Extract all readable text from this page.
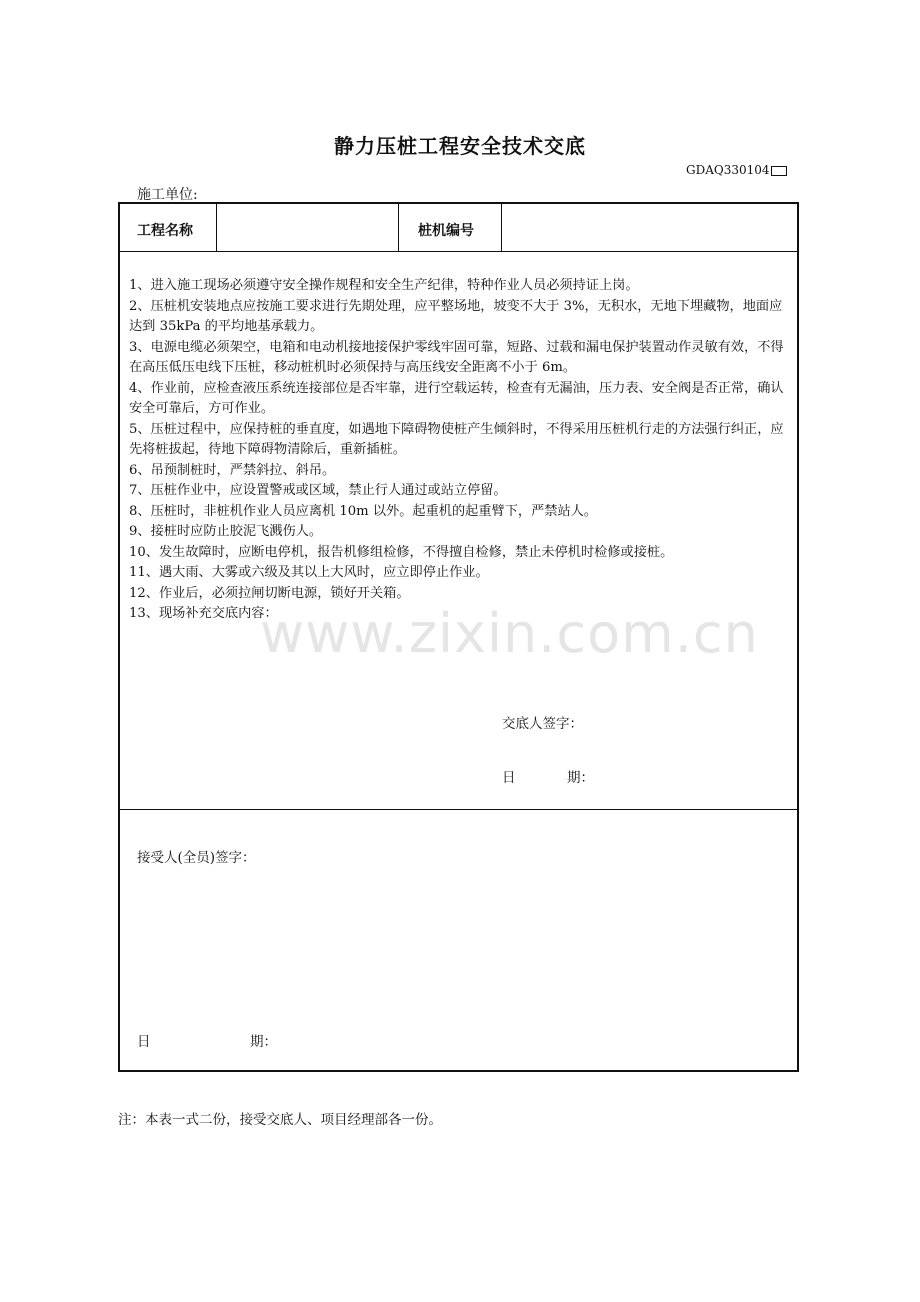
静力压桩工程安全技术交底
GDAQ330104
施工单位:
工程名称	桩机编号

1、进入施工现场必须遵守安全操作规程和安全生产纪律，特种作业人员必须持证上岗。

2、压桩机安装地点应按施工要求进行先期处理，应平整场地，坡变不大于 3%，无积水，无地下埋藏物，地面应达到 35kPa 的平均地基承载力。

3、电源电缆必须架空，电箱和电动机接地接保护零线牢固可靠，短路、过载和漏电保护装置动作灵敏有效，不得在高压低压电线下压桩，移动桩机时必须保持与高压线安全距离不小于 6m。

4、作业前，应检查液压系统连接部位是否牢靠，进行空载运转，检查有无漏油，压力表、安全阀是否正常，确认安全可靠后，方可作业。

5、压桩过程中，应保持桩的垂直度，如遇地下障碍物使桩产生倾斜时，不得采用压桩机行走的方法强行纠正，应先将桩拔起，待地下障碍物清除后，重新插桩。

6、吊预制桩时，严禁斜拉、斜吊。

7、压桩作业中，应设置警戒或区域，禁止行人通过或站立停留。

8、压桩时，非桩机作业人员应离机 10m 以外。起重机的起重臂下，严禁站人。

9、接桩时应防止胶泥飞溅伤人。

10、发生故障时，应断电停机，报告机修组检修，不得擅自检修，禁止未停机时检修或接桩。

11、遇大雨、大雾或六级及其以上大风时，应立即停止作业。

12、作业后，必须拉闸切断电源，锁好开关箱。

13、现场补充交底内容：

交底人签字：
日	期：
接受人(全员)签字：
日	期：
注：本表一式二份，接受交底人、项目经理部各一份。
www.zixin.com.cn
